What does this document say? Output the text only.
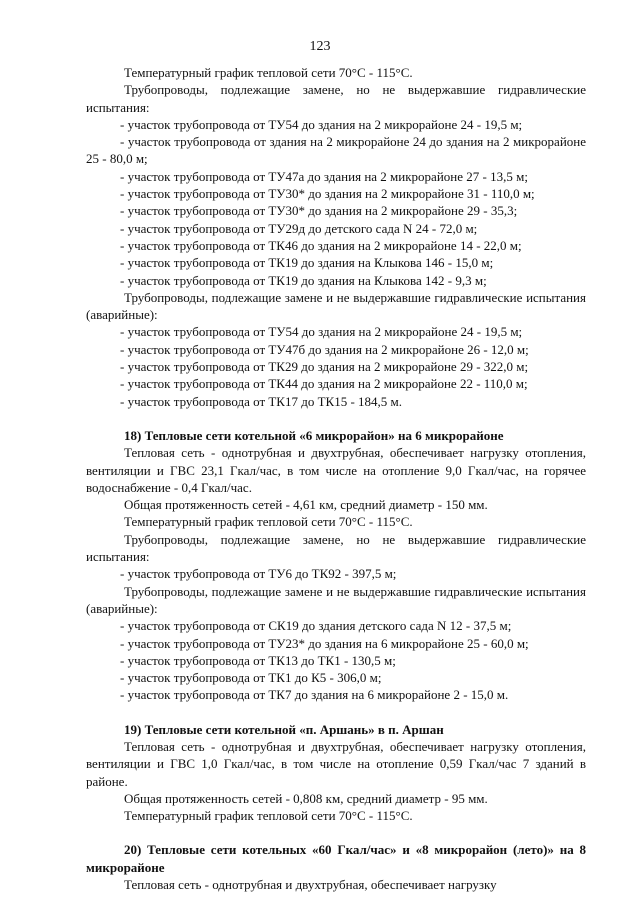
123
Температурный график тепловой сети 70°С - 115°С.
Трубопроводы, подлежащие замене, но не выдержавшие гидравлические испытания:
- участок трубопровода от ТУ54 до здания на 2 микрорайоне 24 - 19,5 м;
- участок трубопровода от здания на 2 микрорайоне 24 до здания на 2 микрорайоне 25 - 80,0 м;
- участок трубопровода от ТУ47а до здания на 2 микрорайоне 27 - 13,5 м;
- участок трубопровода от ТУ30* до здания на 2 микрорайоне 31 - 110,0 м;
- участок трубопровода от ТУ30* до здания на 2 микрорайоне 29 - 35,3;
- участок трубопровода от ТУ29д до детского сада N 24 - 72,0 м;
- участок трубопровода от ТК46 до здания на 2 микрорайоне 14 - 22,0 м;
- участок трубопровода от ТК19 до здания на Клыкова 146 - 15,0 м;
- участок трубопровода от ТК19 до здания на Клыкова 142 - 9,3 м;
Трубопроводы, подлежащие замене и не выдержавшие гидравлические испытания (аварийные):
- участок трубопровода от ТУ54 до здания на 2 микрорайоне 24 - 19,5 м;
- участок трубопровода от ТУ47б до здания на 2 микрорайоне 26 - 12,0 м;
- участок трубопровода от ТК29 до здания на 2 микрорайоне 29 - 322,0 м;
- участок трубопровода от ТК44 до здания на 2 микрорайоне 22 - 110,0 м;
- участок трубопровода от ТК17 до ТК15 - 184,5 м.
18) Тепловые сети котельной «6 микрорайон» на 6 микрорайоне
Тепловая сеть - однотрубная и двухтрубная, обеспечивает нагрузку отопления, вентиляции и ГВС 23,1 Гкал/час, в том числе на отопление 9,0 Гкал/час, на горячее водоснабжение - 0,4 Гкал/час.
Общая протяженность сетей - 4,61 км, средний диаметр - 150 мм.
Температурный график тепловой сети 70°С - 115°С.
Трубопроводы, подлежащие замене, но не выдержавшие гидравлические испытания:
- участок трубопровода от ТУ6 до ТК92 - 397,5 м;
Трубопроводы, подлежащие замене и не выдержавшие гидравлические испытания (аварийные):
- участок трубопровода от СК19 до здания детского сада N 12 - 37,5 м;
- участок трубопровода от ТУ23* до здания на 6 микрорайоне 25 - 60,0 м;
- участок трубопровода от ТК13 до ТК1 - 130,5 м;
- участок трубопровода от ТК1 до К5 - 306,0 м;
- участок трубопровода от ТК7 до здания на 6 микрорайоне 2 - 15,0 м.
19) Тепловые сети котельной «п. Аршань» в п. Аршан
Тепловая сеть - однотрубная и двухтрубная, обеспечивает нагрузку отопления, вентиляции и ГВС 1,0 Гкал/час, в том числе на отопление 0,59 Гкал/час 7 зданий в районе.
Общая протяженность сетей - 0,808 км, средний диаметр - 95 мм.
Температурный график тепловой сети 70°С - 115°С.
20) Тепловые сети котельных «60 Гкал/час» и «8 микрорайон (лето)» на 8 микрорайоне
Тепловая сеть - однотрубная и двухтрубная, обеспечивает нагрузку
